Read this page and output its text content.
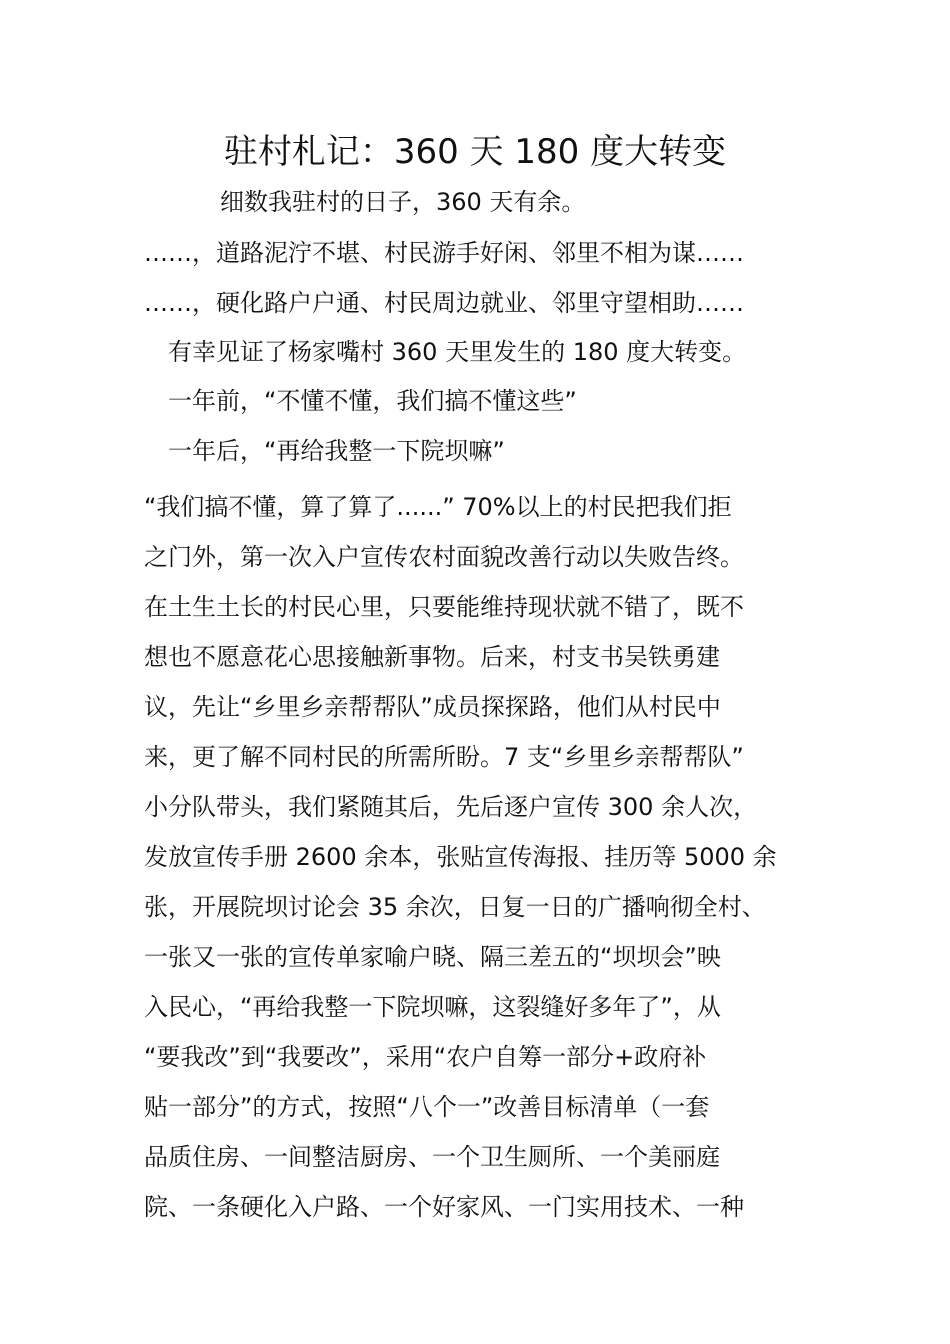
驻村札记：360 天 180 度大转变
细数我驻村的日子，360 天有余。
……，道路泥泞不堪、村民游手好闲、邻里不相为谋……
……，硬化路户户通、村民周边就业、邻里守望相助……
有幸见证了杨家嘴村 360 天里发生的 180 度大转变。
一年前，“不懂不懂，我们搞不懂这些”
一年后，“再给我整一下院坝嘛”
“我们搞不懂，算了算了......” 70%以上的村民把我们拒
之门外，第一次入户宣传农村面貌改善行动以失败告终。
在土生土长的村民心里，只要能维持现状就不错了，既不
想也不愿意花心思接触新事物。后来，村支书吴铁勇建
议，先让“乡里乡亲帮帮队”成员探探路，他们从村民中
来，更了解不同村民的所需所盼。7 支“乡里乡亲帮帮队”
小分队带头，我们紧随其后，先后逐户宣传 300 余人次，
发放宣传手册 2600 余本，张贴宣传海报、挂历等 5000 余
张，开展院坝讨论会 35 余次，日复一日的广播响彻全村、
一张又一张的宣传单家喻户晓、隔三差五的“坝坝会”映
入民心，“再给我整一下院坝嘛，这裂缝好多年了”，从
“要我改”到“我要改”，采用“农户自筹一部分+政府补
贴一部分”的方式，按照“八个一”改善目标清单（一套
品质住房、一间整洁厨房、一个卫生厕所、一个美丽庭
院、一条硬化入户路、一个好家风、一门实用技术、一种
